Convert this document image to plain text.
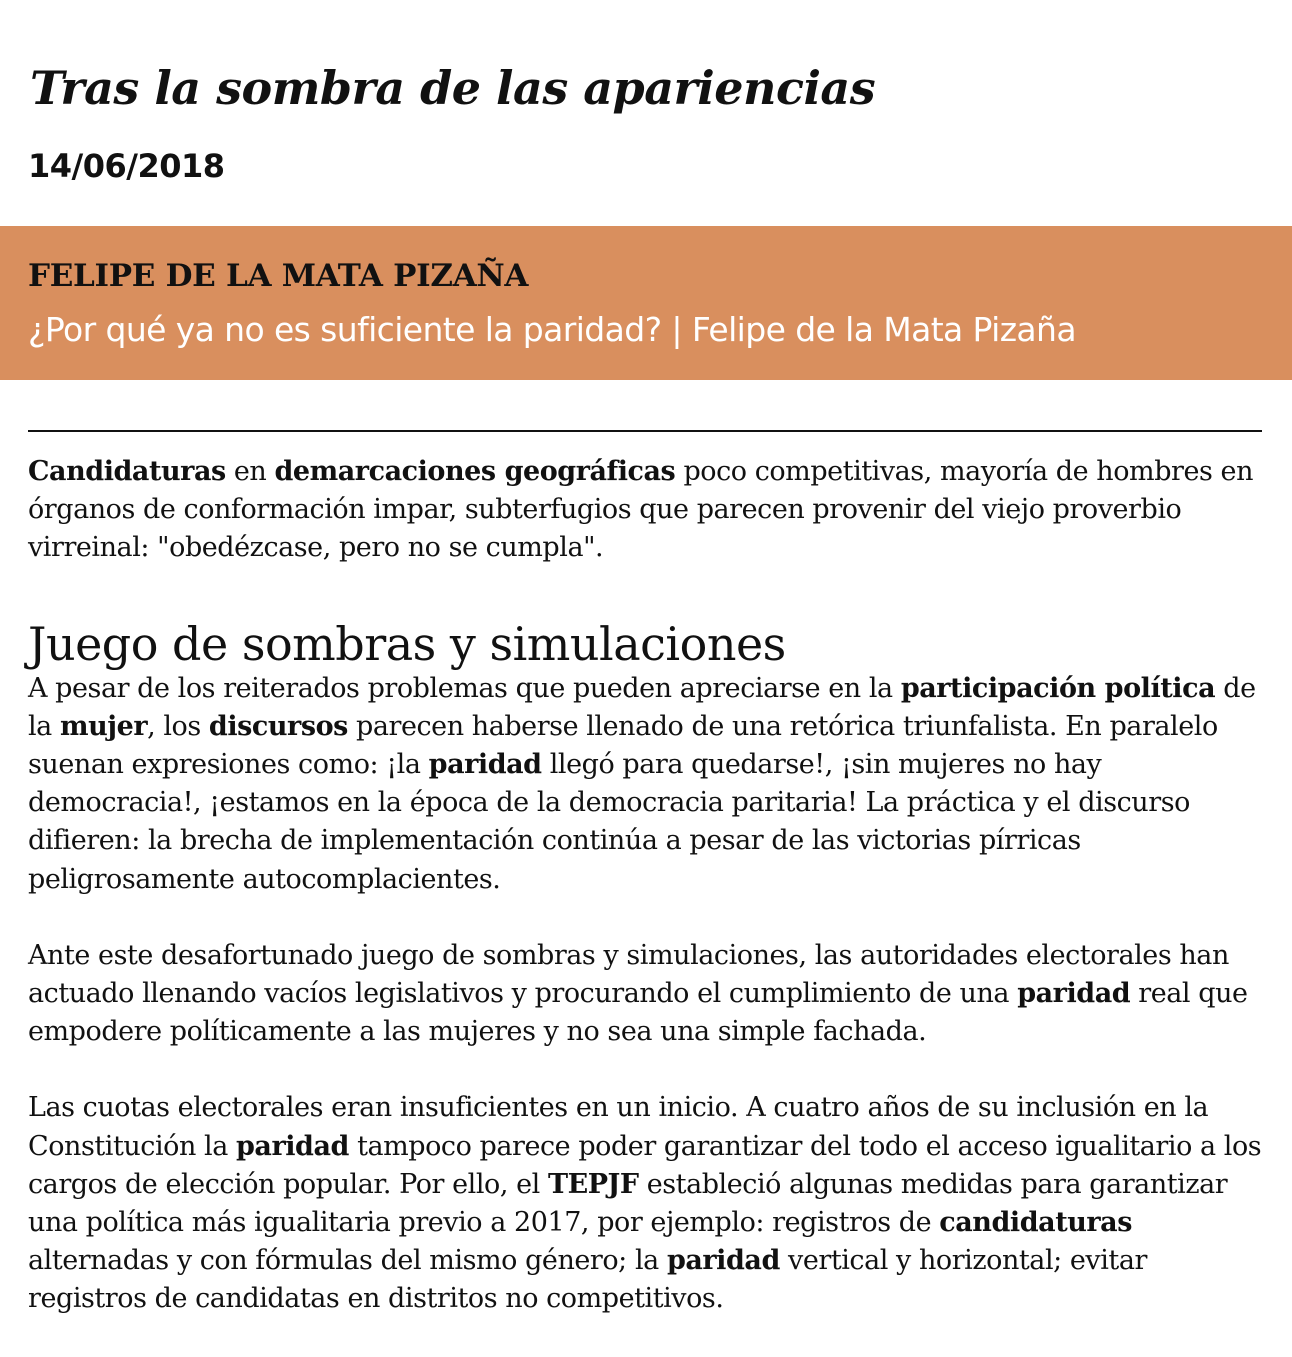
Tras la sombra de las apariencias
14/06/2018
FELIPE DE LA MATA PIZAÑA
¿Por qué ya no es suficiente la paridad? | Felipe de la Mata Pizaña

Candidaturas en demarcaciones geográficas poco competitivas, mayoría de hombres en órganos de conformación impar, subterfugios que parecen provenir del viejo proverbio virreinal: "obedézcase, pero no se cumpla".

Juego de sombras y simulaciones

A pesar de los reiterados problemas que pueden apreciarse en la participación política de la mujer, los discursos parecen haberse llenado de una retórica triunfalista. En paralelo suenan expresiones como: ¡la paridad llegó para quedarse!, ¡sin mujeres no hay democracia!, ¡estamos en la época de la democracia paritaria! La práctica y el discurso difieren: la brecha de implementación continúa a pesar de las victorias pírricas peligrosamente autocomplacientes.

Ante este desafortunado juego de sombras y simulaciones, las autoridades electorales han actuado llenando vacíos legislativos y procurando el cumplimiento de una paridad real que empodere políticamente a las mujeres y no sea una simple fachada.

Las cuotas electorales eran insuficientes en un inicio. A cuatro años de su inclusión en la Constitución la paridad tampoco parece poder garantizar del todo el acceso igualitario a los cargos de elección popular. Por ello, el TEPJF estableció algunas medidas para garantizar una política más igualitaria previo a 2017, por ejemplo: registros de candidaturas alternadas y con fórmulas del mismo género; la paridad vertical y horizontal; evitar registros de candidatas en distritos no competitivos.
